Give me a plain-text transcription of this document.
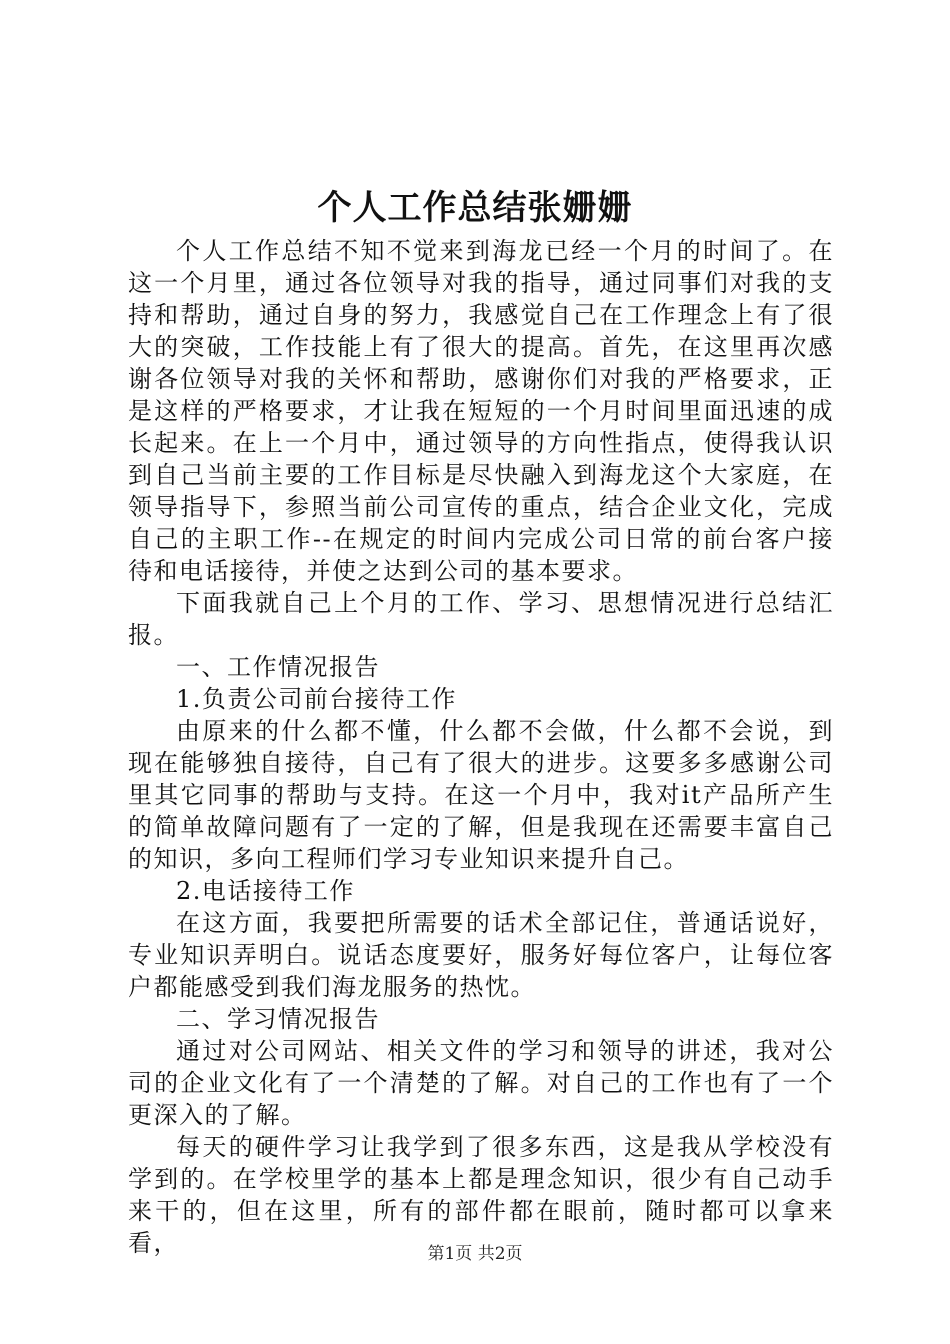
个人工作总结张姗姗

个人工作总结不知不觉来到海龙已经一个月的时间了。在这一个月里，通过各位领导对我的指导，通过同事们对我的支持和帮助，通过自身的努力，我感觉自己在工作理念上有了很大的突破，工作技能上有了很大的提高。首先，在这里再次感谢各位领导对我的关怀和帮助，感谢你们对我的严格要求，正是这样的严格要求，才让我在短短的一个月时间里面迅速的成长起来。在上一个月中，通过领导的方向性指点，使得我认识到自己当前主要的工作目标是尽快融入到海龙这个大家庭，在领导指导下，参照当前公司宣传的重点，结合企业文化，完成自己的主职工作--在规定的时间内完成公司日常的前台客户接待和电话接待，并使之达到公司的基本要求。

下面我就自己上个月的工作、学习、思想情况进行总结汇报。

一、工作情况报告

1.负责公司前台接待工作

由原来的什么都不懂，什么都不会做，什么都不会说，到现在能够独自接待，自己有了很大的进步。这要多多感谢公司里其它同事的帮助与支持。在这一个月中，我对it产品所产生的简单故障问题有了一定的了解，但是我现在还需要丰富自己的知识，多向工程师们学习专业知识来提升自己。

2.电话接待工作

在这方面，我要把所需要的话术全部记住，普通话说好，专业知识弄明白。说话态度要好，服务好每位客户，让每位客户都能感受到我们海龙服务的热忱。

二、学习情况报告

通过对公司网站、相关文件的学习和领导的讲述，我对公司的企业文化有了一个清楚的了解。对自己的工作也有了一个更深入的了解。

每天的硬件学习让我学到了很多东西，这是我从学校没有学到的。在学校里学的基本上都是理念知识，很少有自己动手来干的，但在这里，所有的部件都在眼前，随时都可以拿来看，	第1页 共2页
